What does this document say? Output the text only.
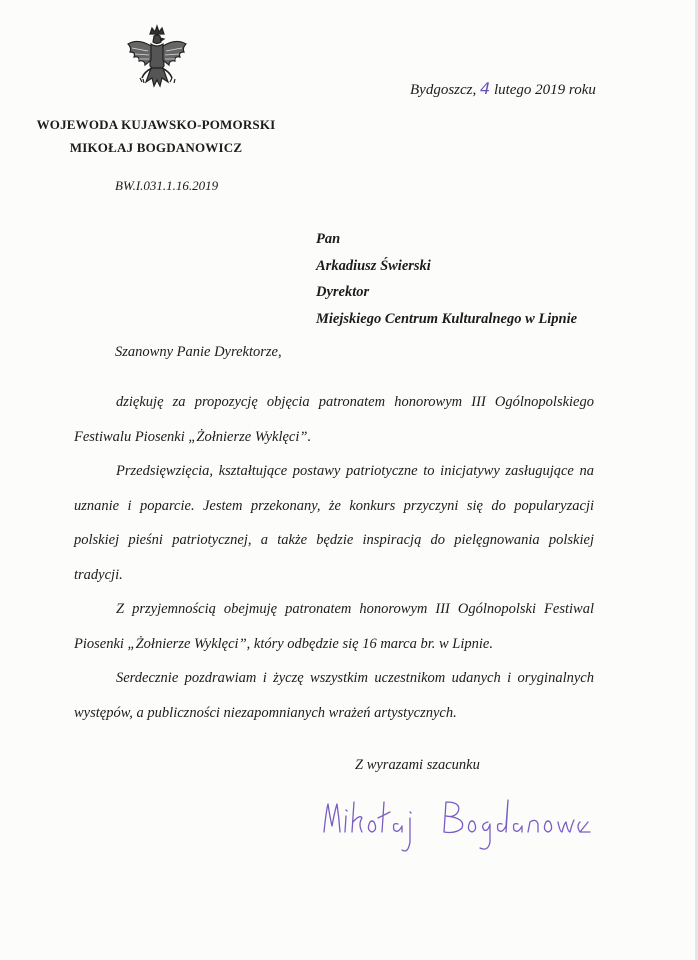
Bydgoszcz, 4 lutego 2019 roku
WOJEWODA KUJAWSKO-POMORSKI
MIKOŁAJ BOGDANOWICZ
BW.I.031.1.16.2019
Pan
Arkadiusz Świerski
Dyrektor
Miejskiego Centrum Kulturalnego w Lipnie
Szanowny Panie Dyrektorze,

dziękuję za propozycję objęcia patronatem honorowym III Ogólnopolskiego Festiwalu Piosenki „Żołnierze Wyklęci”.

Przedsięwzięcia, kształtujące postawy patriotyczne to inicjatywy zasługujące na uznanie i poparcie. Jestem przekonany, że konkurs przyczyni się do popularyzacji polskiej pieśni patriotycznej, a także będzie inspiracją do pielęgnowania polskiej tradycji.

Z przyjemnością obejmuję patronatem honorowym III Ogólnopolski Festiwal Piosenki „Żołnierze Wyklęci”, który odbędzie się 16 marca br. w Lipnie.

Serdecznie pozdrawiam i życzę wszystkim uczestnikom udanych i oryginalnych występów, a publiczności niezapomnianych wrażeń artystycznych.

Z wyrazami szacunku
